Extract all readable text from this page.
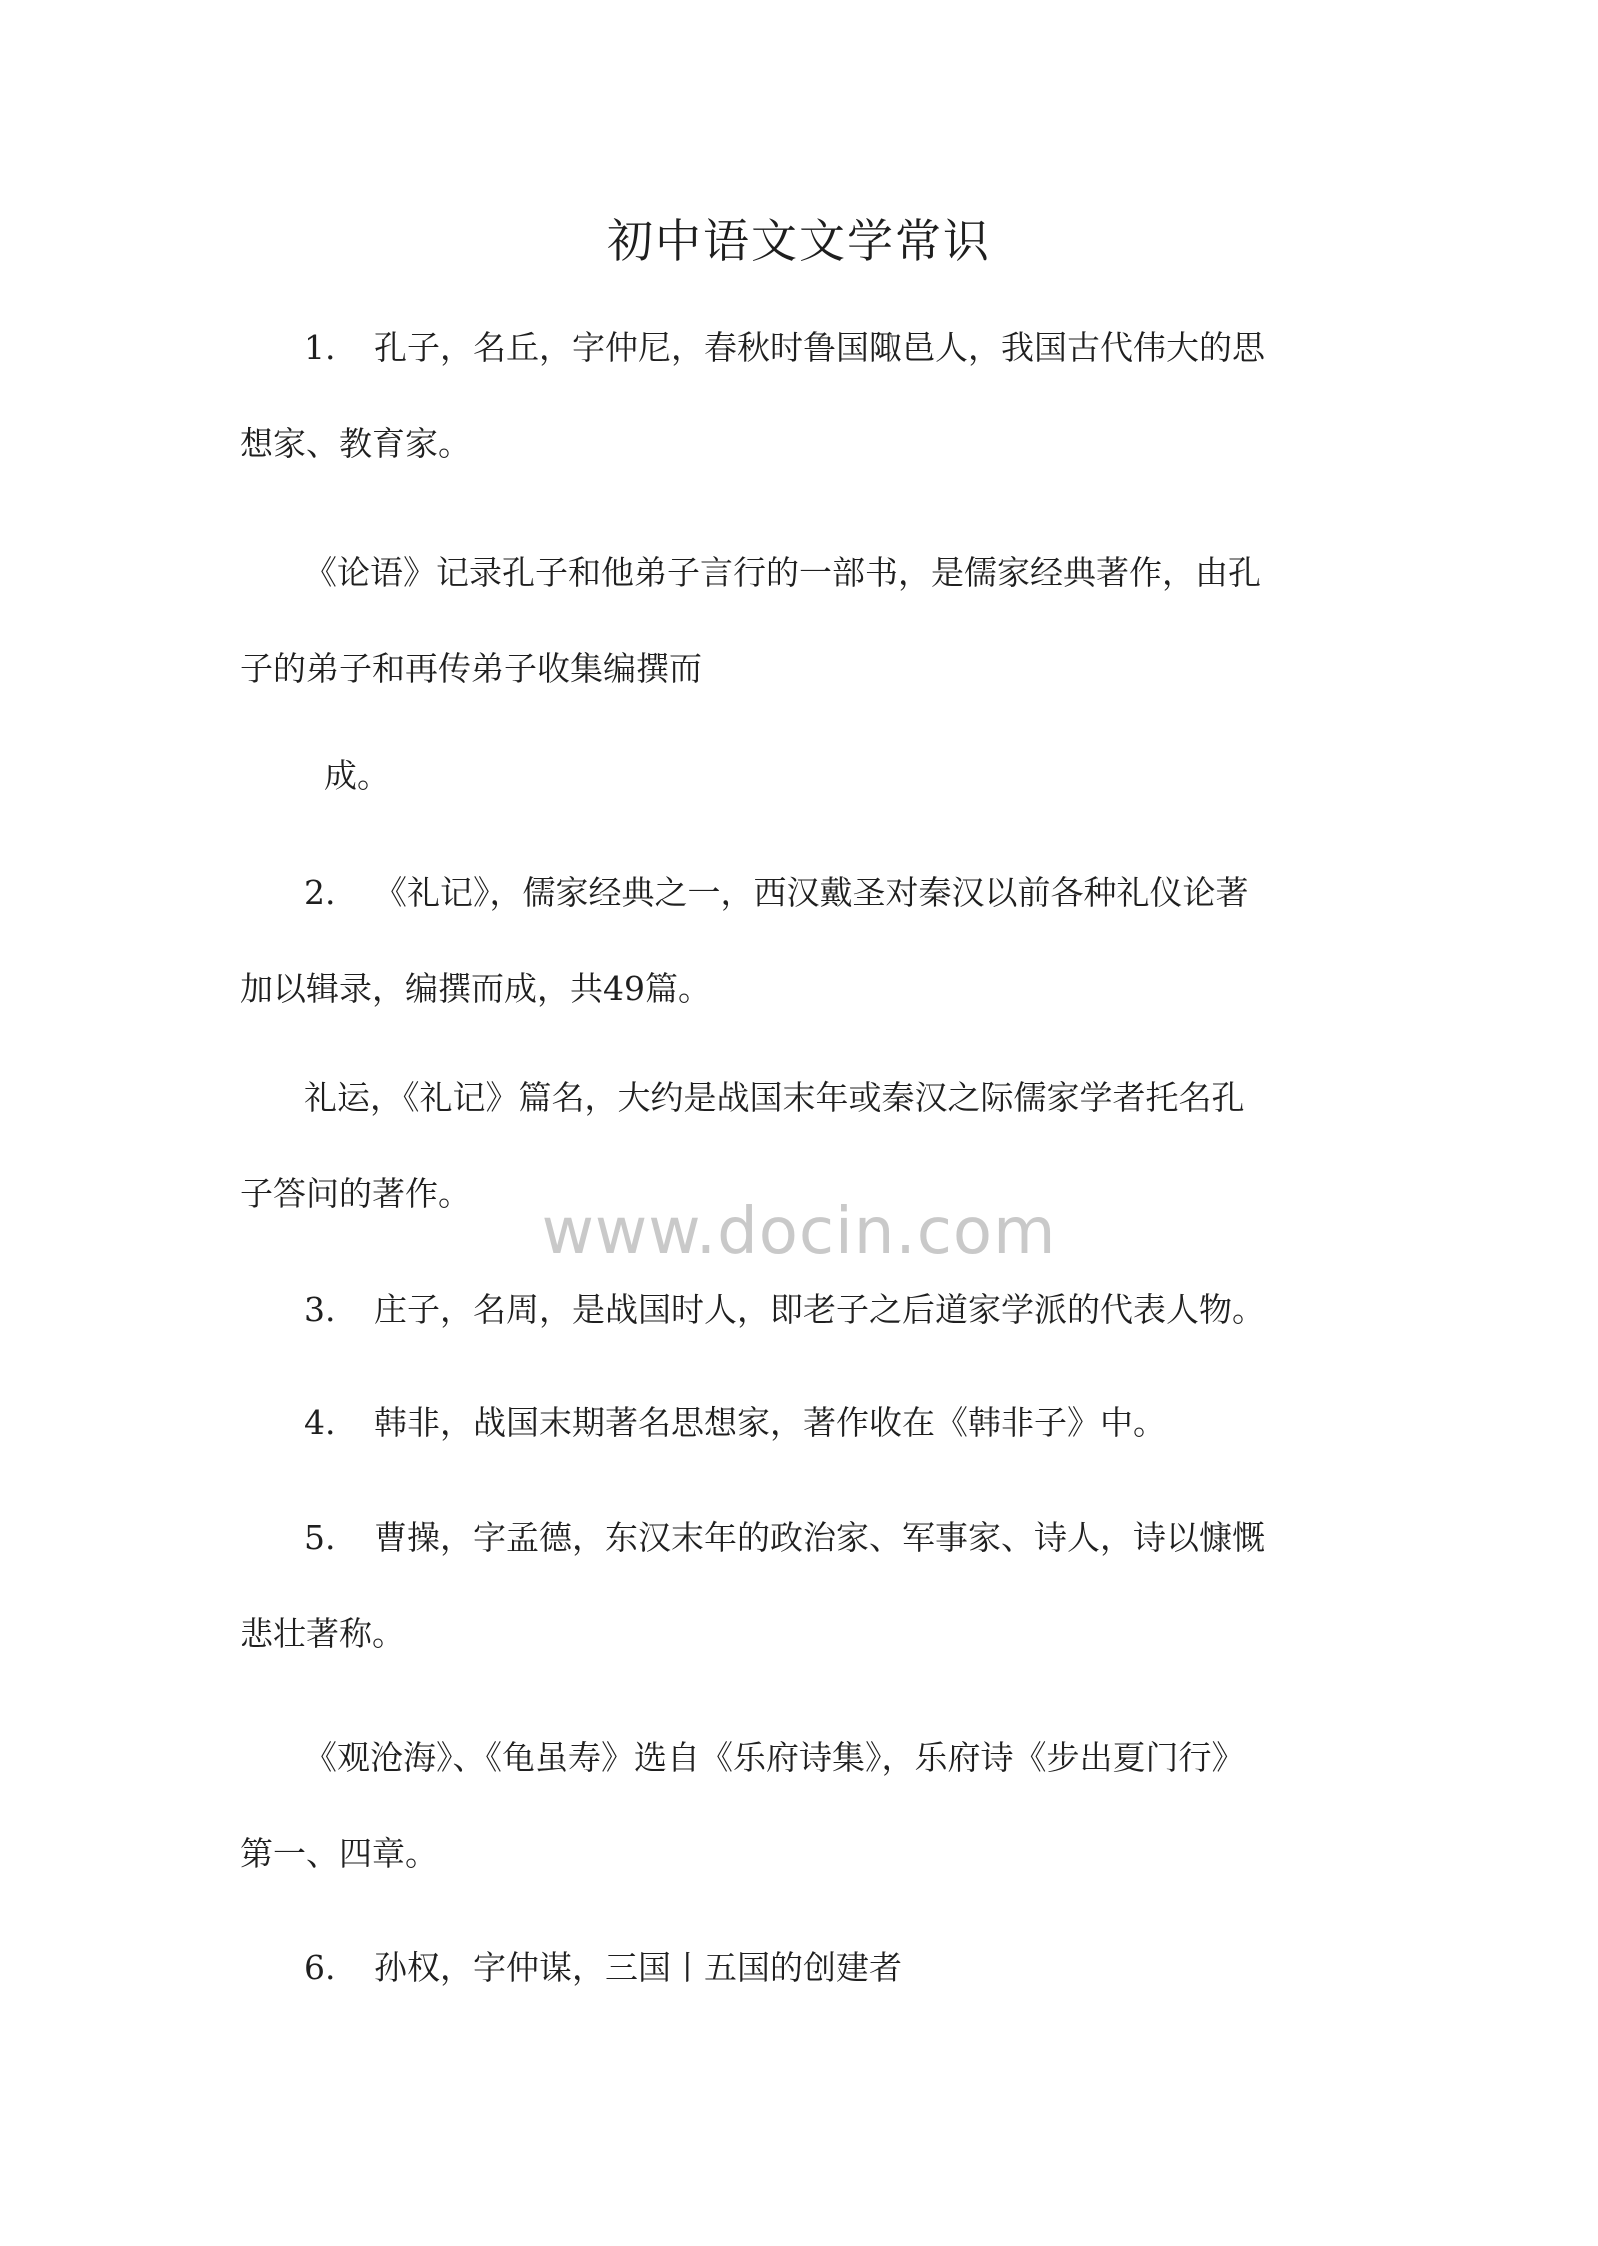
初中语文文学常识
1. 孔子，名丘，字仲尼，春秋时鲁国陬邑人，我国古代伟大的思
想家、教育家。
《论语》记录孔子和他弟子言行的一部书，是儒家经典著作，由孔
子的弟子和再传弟子收集编撰而
成。
2. 《礼记》，儒家经典之一，西汉戴圣对秦汉以前各种礼仪论著
加以辑录，编撰而成，共49篇。
礼运，《礼记》篇名，大约是战国末年或秦汉之际儒家学者托名孔
子答问的著作。
www.docin.com
3. 庄子，名周，是战国时人，即老子之后道家学派的代表人物。
4. 韩非，战国末期著名思想家，著作收在《韩非子》中。
5. 曹操，字孟德，东汉末年的政治家、军事家、诗人，诗以慷慨
悲壮著称。
《观沧海》、《龟虽寿》选自《乐府诗集》，乐府诗《步出夏门行》
第一、四章。
6. 孙权，字仲谋，三国丨五国的创建者
